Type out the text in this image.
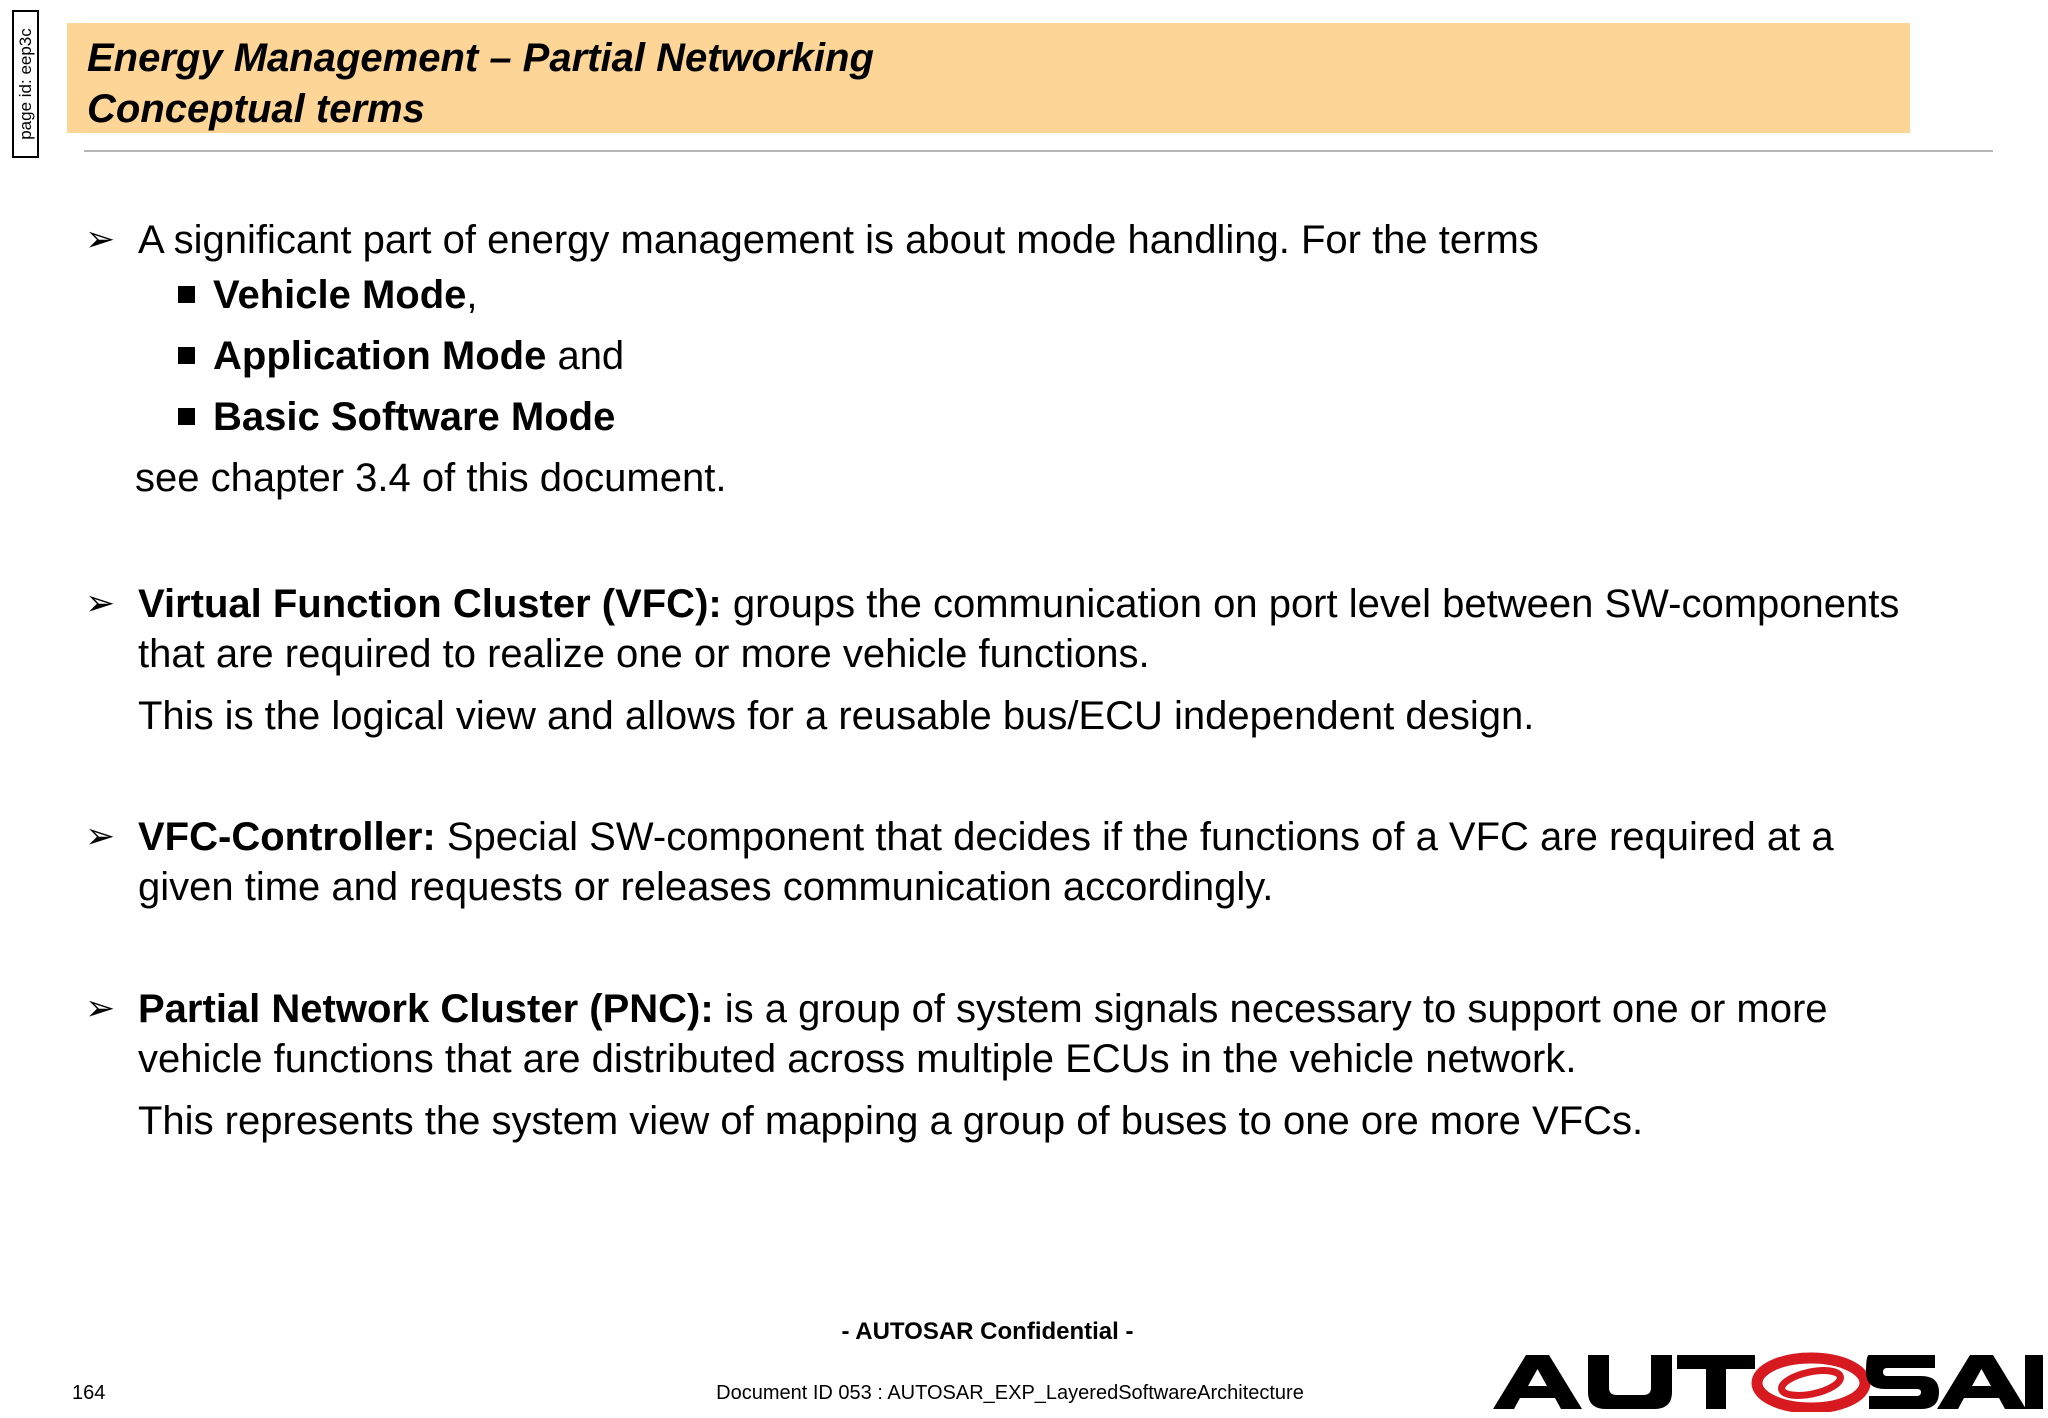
page id: eep3c Energy Management – Partial Networking
Conceptual terms
➢ A significant part of energy management is about mode handling. For the terms
Vehicle Mode,
Application Mode and
Basic Software Mode
see chapter 3.4 of this document.
➢ Virtual Function Cluster (VFC): groups the communication on port level between SW-components that are required to realize one or more vehicle functions.
This is the logical view and allows for a reusable bus/ECU independent design.
➢ VFC-Controller: Special SW-component that decides if the functions of a VFC are required at a given time and requests or releases communication accordingly.
➢ Partial Network Cluster (PNC): is a group of system signals necessary to support one or more vehicle functions that are distributed across multiple ECUs in the vehicle network.
This represents the system view of mapping a group of buses to one ore more VFCs.
- AUTOSAR Confidential -
164	Document ID 053 : AUTOSAR_EXP_LayeredSoftwareArchitecture
AUTOSAR
